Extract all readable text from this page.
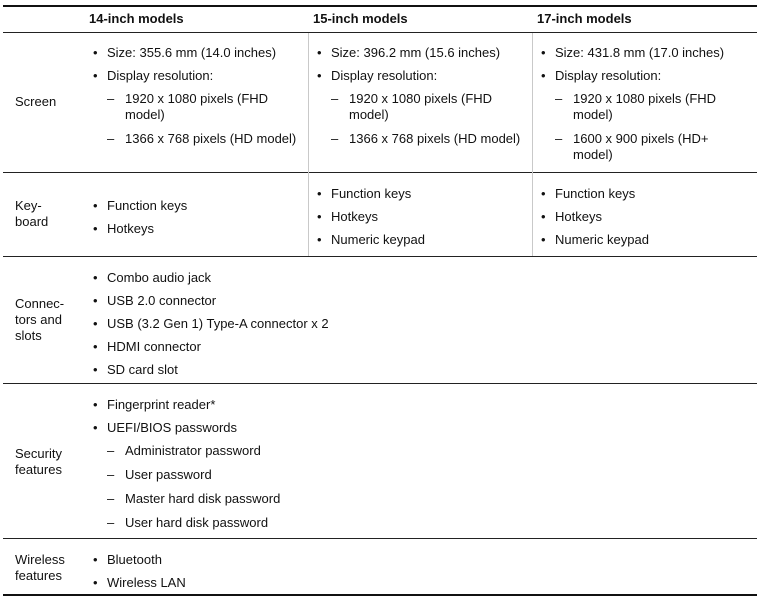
14-inch models	15-inch models	17-inch models
Screen
• Size: 355.6 mm (14.0 inches)
• Display resolution:
– 1920 x 1080 pixels (FHD model)
– 1366 x 768 pixels (HD model)
• Size: 396.2 mm (15.6 inches)
• Display resolution:
– 1920 x 1080 pixels (FHD model)
– 1366 x 768 pixels (HD model)
• Size: 431.8 mm (17.0 inches)
• Display resolution:
– 1920 x 1080 pixels (FHD model)
– 1600 x 900 pixels (HD+ model)
Key- board
• Function keys
• Hotkeys
• Function keys
• Hotkeys
• Numeric keypad
• Function keys
• Hotkeys
• Numeric keypad
Connec- tors and slots
• Combo audio jack
• USB 2.0 connector
• USB (3.2 Gen 1) Type-A connector x 2
• HDMI connector
• SD card slot
Security features
• Fingerprint reader*
• UEFI/BIOS passwords
– Administrator password
– User password
– Master hard disk password
– User hard disk password
Wireless features
• Bluetooth
• Wireless LAN
